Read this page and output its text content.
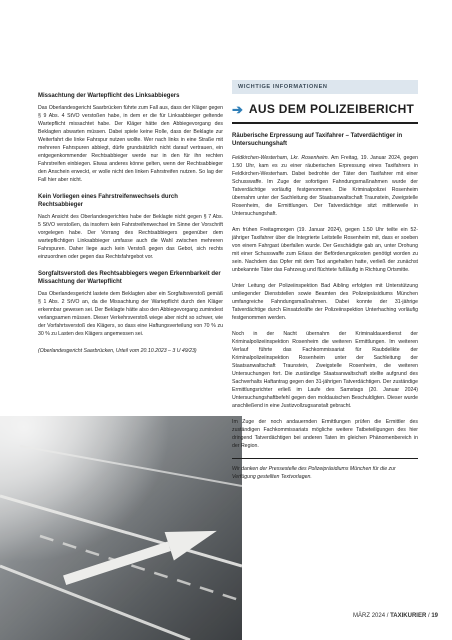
Missachtung der Wartepflicht des Linksabbiegers

Das Oberlandesgericht Saarbrücken führte zum Fall aus, dass der Kläger gegen § 9 Abs. 4 StVO verstoßen habe, in dem er die für Linksabbieger geltende Wartepflicht missachtet habe. Der Kläger hätte den Abbiegevorgang des Beklagten abwarten müssen. Dabei spiele keine Rolle, dass der Beklagte zur Weiterfahrt die linke Fahrspur nutzen wollte. Wer nach links in eine Straße mit mehreren Fahrspuren abbiegt, dürfe grundsätzlich nicht darauf vertrauen, ein entgegenkommender Rechtsabbieger werde nur in den für ihn rechten Fahrstreifen einbiegen. Etwas anderes könne gelten, wenn der Rechtsabbieger den Anschein erweckt, er wolle nicht den linken Fahrstreifen nutzen. So lag der Fall hier aber nicht.

Kein Vorliegen eines Fahrstreifenwechsels durch Rechtsabbieger

Nach Ansicht des Oberlandesgerichtes habe der Beklagte nicht gegen § 7 Abs. 5 StVO verstoßen, da insofern kein Fahrstreifenwechsel im Sinne der Vorschrift vorgelegen habe. Der Vorrang des Rechtsabbiegers gegenüber dem wartepflichtigen Linksabbieger umfasse auch die Wahl zwischen mehreren Fahrspuren. Daher liege auch kein Verstoß gegen das Gebot, sich rechts einzuordnen oder gegen das Rechtsfahrgebot vor.

Sorgfaltsverstoß des Rechtsabbiegers wegen Erkennbarkeit der Missachtung der Wartepflicht

Das Oberlandesgericht lastete dem Beklagten aber ein Sorgfaltsverstoß gemäß § 1 Abs. 2 StVO an, da die Missachtung der Wartepflicht durch den Kläger erkennbar gewesen sei. Der Beklagte hätte also den Abbiegevorgang zumindest verlangsamen müssen. Dieser Verkehrsverstoß wiege aber nicht so schwer, wie der Vorfahrtsverstoß des Klägers, so dass eine Haftungsverteilung von 70 % zu 30 % zu Lasten des Klägers angemessen sei.

(Oberlandesgericht Saarbrücken, Urteil vom 20.10.2023 – 3 U 49/23)

WICHTIGE INFORMATIONEN
➔ AUS DEM POLIZEIBERICHT
Räuberische Erpressung auf Taxifahrer – Tatverdächtiger in Untersuchungshaft

Feldkirchen-Westerham, Lkr. Rosenheim. Am Freitag, 19. Januar 2024, gegen 1.50 Uhr, kam es zu einer räuberischen Erpressung eines Taxifahrers in Feldkirchen-Westerham. Dabei bedrohte der Täter den Taxifahrer mit einer Schusswaffe. Im Zuge der sofortigen Fahndungsmaßnahmen wurde der Tatverdächtige vorläufig festgenommen. Die Kriminalpolizei Rosenheim übernahm unter der Sachleitung der Staatsanwaltschaft Traunstein, Zweigstelle Rosenheim, die Ermittlungen. Der Tatverdächtige sitzt mittlerweile in Untersuchungshaft.

Am frühen Freitagmorgen (19. Januar 2024), gegen 1.50 Uhr teilte ein 52-jähriger Taxifahrer über die Integrierte Leitstelle Rosenheim mit, dass er soeben von einem Fahrgast überfallen wurde. Der Geschädigte gab an, unter Drohung mit einer Schusswaffe zum Erlass der Beförderungskosten genötigt worden zu sein. Nachdem das Opfer mit dem Taxi angehalten hatte, verließ der zunächst unbekannte Täter das Fahrzeug und flüchtete fußläufig in Richtung Ortsmitte.

Unter Leitung der Polizeiinspektion Bad Aibling erfolgten mit Unterstützung umliegender Dienststellen sowie Beamten des Polizeipräsidiums München umfangreiche Fahndungsmaßnahmen. Dabei konnte der 31-jährige Tatverdächtige durch Einsatzkräfte der Polizeiinspektion Unterhaching vorläufig festgenommen werden.

Noch in der Nacht übernahm der Kriminaldauerdienst der Kriminalpolizeiinspektion Rosenheim die weiteren Ermittlungen. Im weiteren Verlauf führte das Fachkommissariat für Raubdelikte der Kriminalpolizeiinspektion Rosenheim unter der Sachleitung der Staatsanwaltschaft Traunstein, Zweigstelle Rosenheim, die weiteren Untersuchungen fort. Die zuständige Staatsanwaltschaft stellte aufgrund des Sachverhalts Haftantrag gegen den 31-jährigen Tatverdächtigen. Der zuständige Ermittlungsrichter erließ im Laufe des Samstags (20. Januar 2024) Untersuchungshaftbefehl gegen den moldauischen Beschuldigten. Dieser wurde anschließend in eine Justizvollzugsanstalt gebracht.

Im Zuge der noch andauernden Ermittlungen prüfen die Ermittler des zuständigen Fachkommissariats mögliche weitere Tatbeteiligungen des hier dringend Tatverdächtigen bei anderen Taten im gleichen Phänomenbereich in der Region.

Wir danken der Pressestelle des Polizeipräsidiums München für die zur Verfügung gestellten Textvorlagen.
MÄRZ 2024 / TAXIKURIER / 19
